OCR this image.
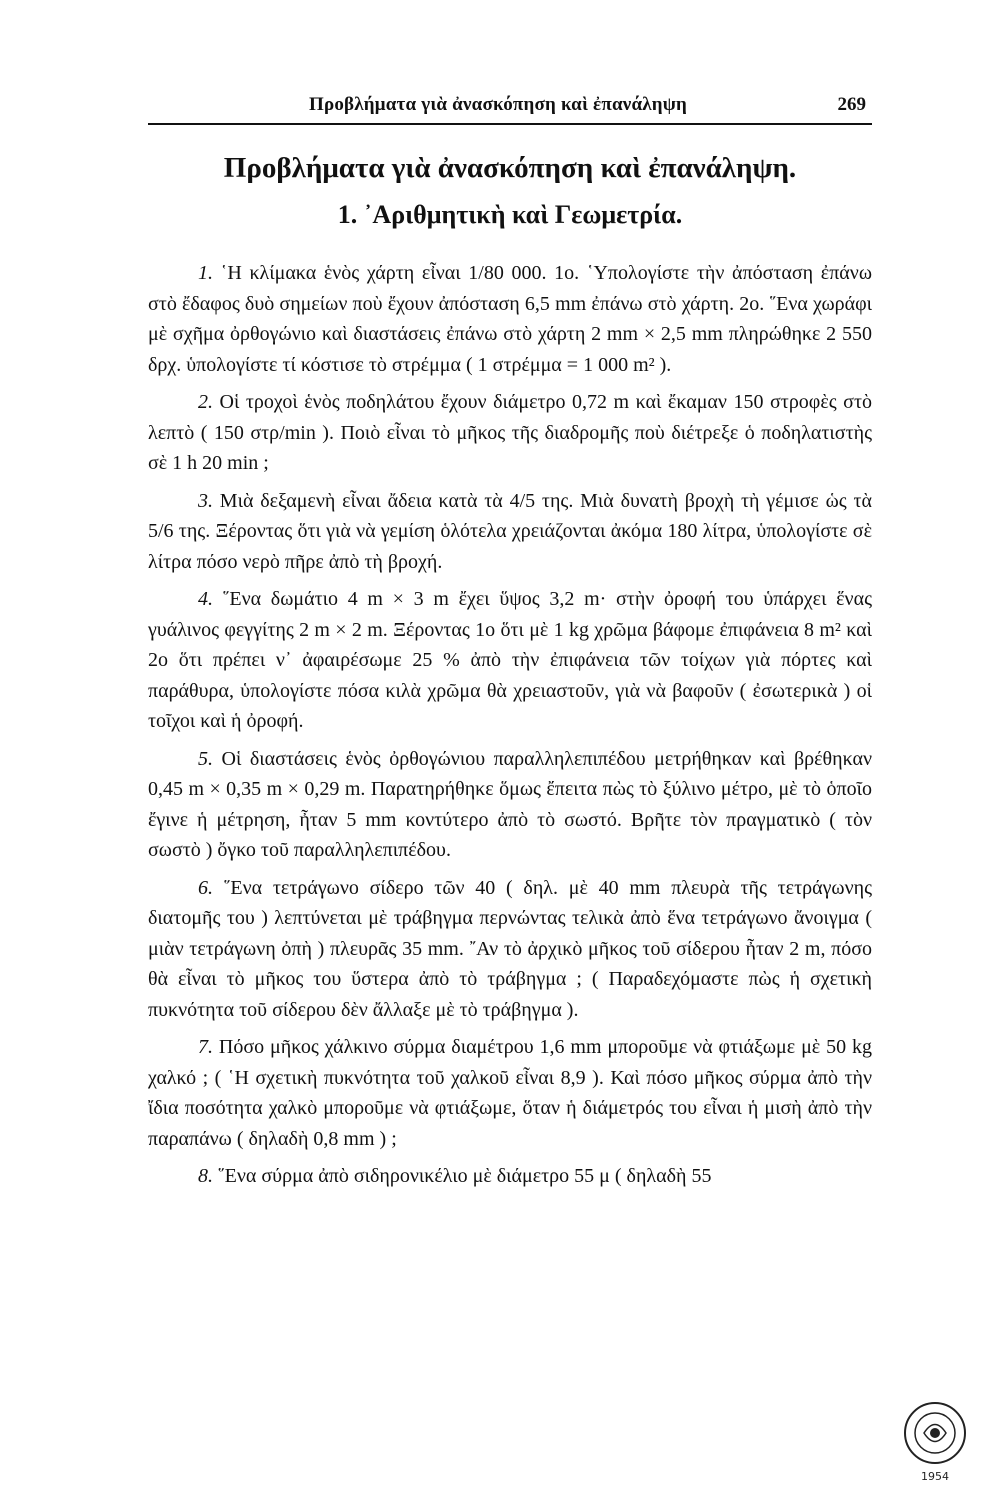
Προβλήματα γιὰ ἀνασκόπηση καὶ ἐπανάληψη	269
Προβλήματα γιὰ ἀνασκόπηση καὶ ἐπανάληψη.
1. ᾿Αριθμητικὴ καὶ Γεωμετρία.

1. ῾Η κλίμακα ἑνὸς χάρτη εἶναι 1/80 000. 1ο. ῾Υπολογίστε τὴν ἀπόσταση ἐπάνω στὸ ἔδαφος δυὸ σημείων ποὺ ἔχουν ἀπόσταση 6,5 mm ἐπάνω στὸ χάρτη. 2ο. ῞Ενα χωράφι μὲ σχῆμα ὀρθογώνιο καὶ διαστάσεις ἐπάνω στὸ χάρτη 2 mm × 2,5 mm πληρώθηκε 2 550 δρχ. ὑπολογίστε τί κόστισε τὸ στρέμμα ( 1 στρέμμα = 1 000 m² ).

2. Οἱ τροχοὶ ἑνὸς ποδηλάτου ἔχουν διάμετρο 0,72 m καὶ ἔκαμαν 150 στροφὲς στὸ λεπτὸ ( 150 στρ/min ). Ποιὸ εἶναι τὸ μῆκος τῆς διαδρομῆς ποὺ διέτρεξε ὁ ποδηλατιστὴς σὲ 1 h 20 min ;

3. Μιὰ δεξαμενὴ εἶναι ἄδεια κατὰ τὰ 4/5 της. Μιὰ δυνατὴ βροχὴ τὴ γέμισε ὡς τὰ 5/6 της. Ξέροντας ὅτι γιὰ νὰ γεμίση ὁλότελα χρειάζονται ἀκόμα 180 λίτρα, ὑπολογίστε σὲ λίτρα πόσο νερὸ πῆρε ἀπὸ τὴ βροχή.

4. ῞Ενα δωμάτιο 4 m × 3 m ἔχει ὕψος 3,2 m· στὴν ὀροφή του ὑπάρχει ἕνας γυάλινος φεγγίτης 2 m × 2 m. Ξέροντας 1ο ὅτι μὲ 1 kg χρῶμα βάφομε ἐπιφάνεια 8 m² καὶ 2ο ὅτι πρέπει ν᾿ ἀφαιρέσωμε 25 % ἀπὸ τὴν ἐπιφάνεια τῶν τοίχων γιὰ πόρτες καὶ παράθυρα, ὑπολογίστε πόσα κιλὰ χρῶμα θὰ χρειαστοῦν, γιὰ νὰ βαφοῦν ( ἐσωτερικὰ ) οἱ τοῖχοι καὶ ἡ ὀροφή.

5. Οἱ διαστάσεις ἑνὸς ὀρθογώνιου παραλληλεπιπέδου μετρήθηκαν καὶ βρέθηκαν 0,45 m × 0,35 m × 0,29 m. Παρατηρήθηκε ὅμως ἔπειτα πὼς τὸ ξύλινο μέτρο, μὲ τὸ ὁποῖο ἔγινε ἡ μέτρηση, ἦταν 5 mm κοντύτερο ἀπὸ τὸ σωστό. Βρῆτε τὸν πραγματικὸ ( τὸν σωστὸ ) ὄγκο τοῦ παραλληλεπιπέδου.

6. ῞Ενα τετράγωνο σίδερο τῶν 40 ( δηλ. μὲ 40 mm πλευρὰ τῆς τετράγωνης διατομῆς του ) λεπτύνεται μὲ τράβηγμα περνώντας τελικὰ ἀπὸ ἕνα τετράγωνο ἄνοιγμα ( μιὰν τετράγωνη ὀπὴ ) πλευρᾶς 35 mm. ῎Αν τὸ ἀρχικὸ μῆκος τοῦ σίδερου ἦταν 2 m, πόσο θὰ εἶναι τὸ μῆκος του ὕστερα ἀπὸ τὸ τράβηγμα ; ( Παραδεχόμαστε πὼς ἡ σχετικὴ πυκνότητα τοῦ σίδερου δὲν ἄλλαξε μὲ τὸ τράβηγμα ).

7. Πόσο μῆκος χάλκινο σύρμα διαμέτρου 1,6 mm μποροῦμε νὰ φτιάξωμε μὲ 50 kg χαλκό ; ( ῾Η σχετικὴ πυκνότητα τοῦ χαλκοῦ εἶναι 8,9 ). Καὶ πόσο μῆκος σύρμα ἀπὸ τὴν ἴδια ποσότητα χαλκὸ μποροῦμε νὰ φτιάξωμε, ὅταν ἡ διάμετρός του εἶναι ἡ μισὴ ἀπὸ τὴν παραπάνω ( δηλαδὴ 0,8 mm ) ;

8. ῞Ενα σύρμα ἀπὸ σιδηρονικέλιο μὲ διάμετρο 55 μ ( δηλαδὴ 55

1954
